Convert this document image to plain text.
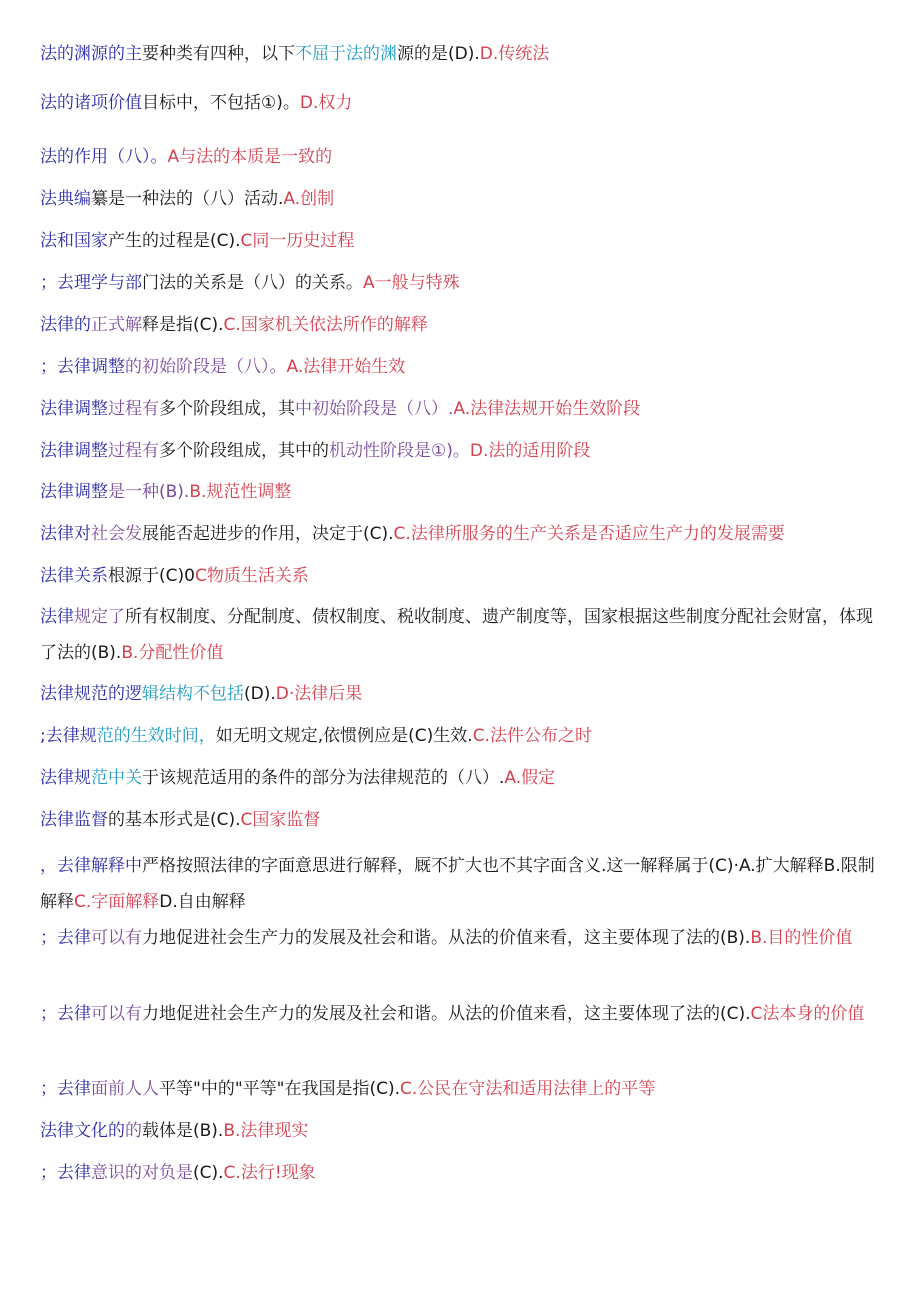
法的渊源的主要种类有四种，以下不屈于法的渊源的是(D).D.传统法
法的诸项价值目标中，不包括①)。D.权力
法的作用（八）。A与法的本质是一致的
法典编纂是一种法的（八）活动.A.创制
法和国家产生的过程是(C).C同一历史过程
；去理学与部门法的关系是（八）的关系。A一般与特殊
法律的正式解释是指(C).C.国家机关依法所作的解释
；去律调整的初始阶段是（八）。A.法律开始生效
法律调整过程有多个阶段组成，其中初始阶段是（八）.A.法律法规开始生效阶段
法律调整过程有多个阶段组成，其中的机动性阶段是①)。D.法的适用阶段
法律调整是一种(B).B.规范性调整
法律对社会发展能否起进步的作用，决定于(C).C.法律所服务的生产关系是否适应生产力的发展需要
法律关系根源于(C)0C物质生活关系
法律规定了所有权制度、分配制度、债权制度、税收制度、遗产制度等，国家根据这些制度分配社会财富，体现了法的(B).B.分配性价值
法律规范的逻辑结构不包括(D).D·法律后果
;去律规范的生效时间，如无明文规定,依惯例应是(C)生效.C.法件公布之时
法律规范中关于该规范适用的条件的部分为法律规范的（八）.A.假定
法律监督的基本形式是(C).C国家监督
，去律解释中严格按照法律的字面意思进行解释，厩不扩大也不其字面含义.这一解释属于(C)·A.扩大解释B.限制解释C.字面解释D.自由解释
；去律可以有力地促进社会生产力的发展及社会和谐。从法的价值来看，这主要体现了法的(B).B.目的性价值
；去律可以有力地促进社会生产力的发展及社会和谐。从法的价值来看，这主要体现了法的(C).C法本身的价值
；去律面前人人平等"中的"平等"在我国是指(C).C.公民在守法和适用法律上的平等
法律文化的的载体是(B).B.法律现实
；去律意识的对负是(C).C.法行!现象
